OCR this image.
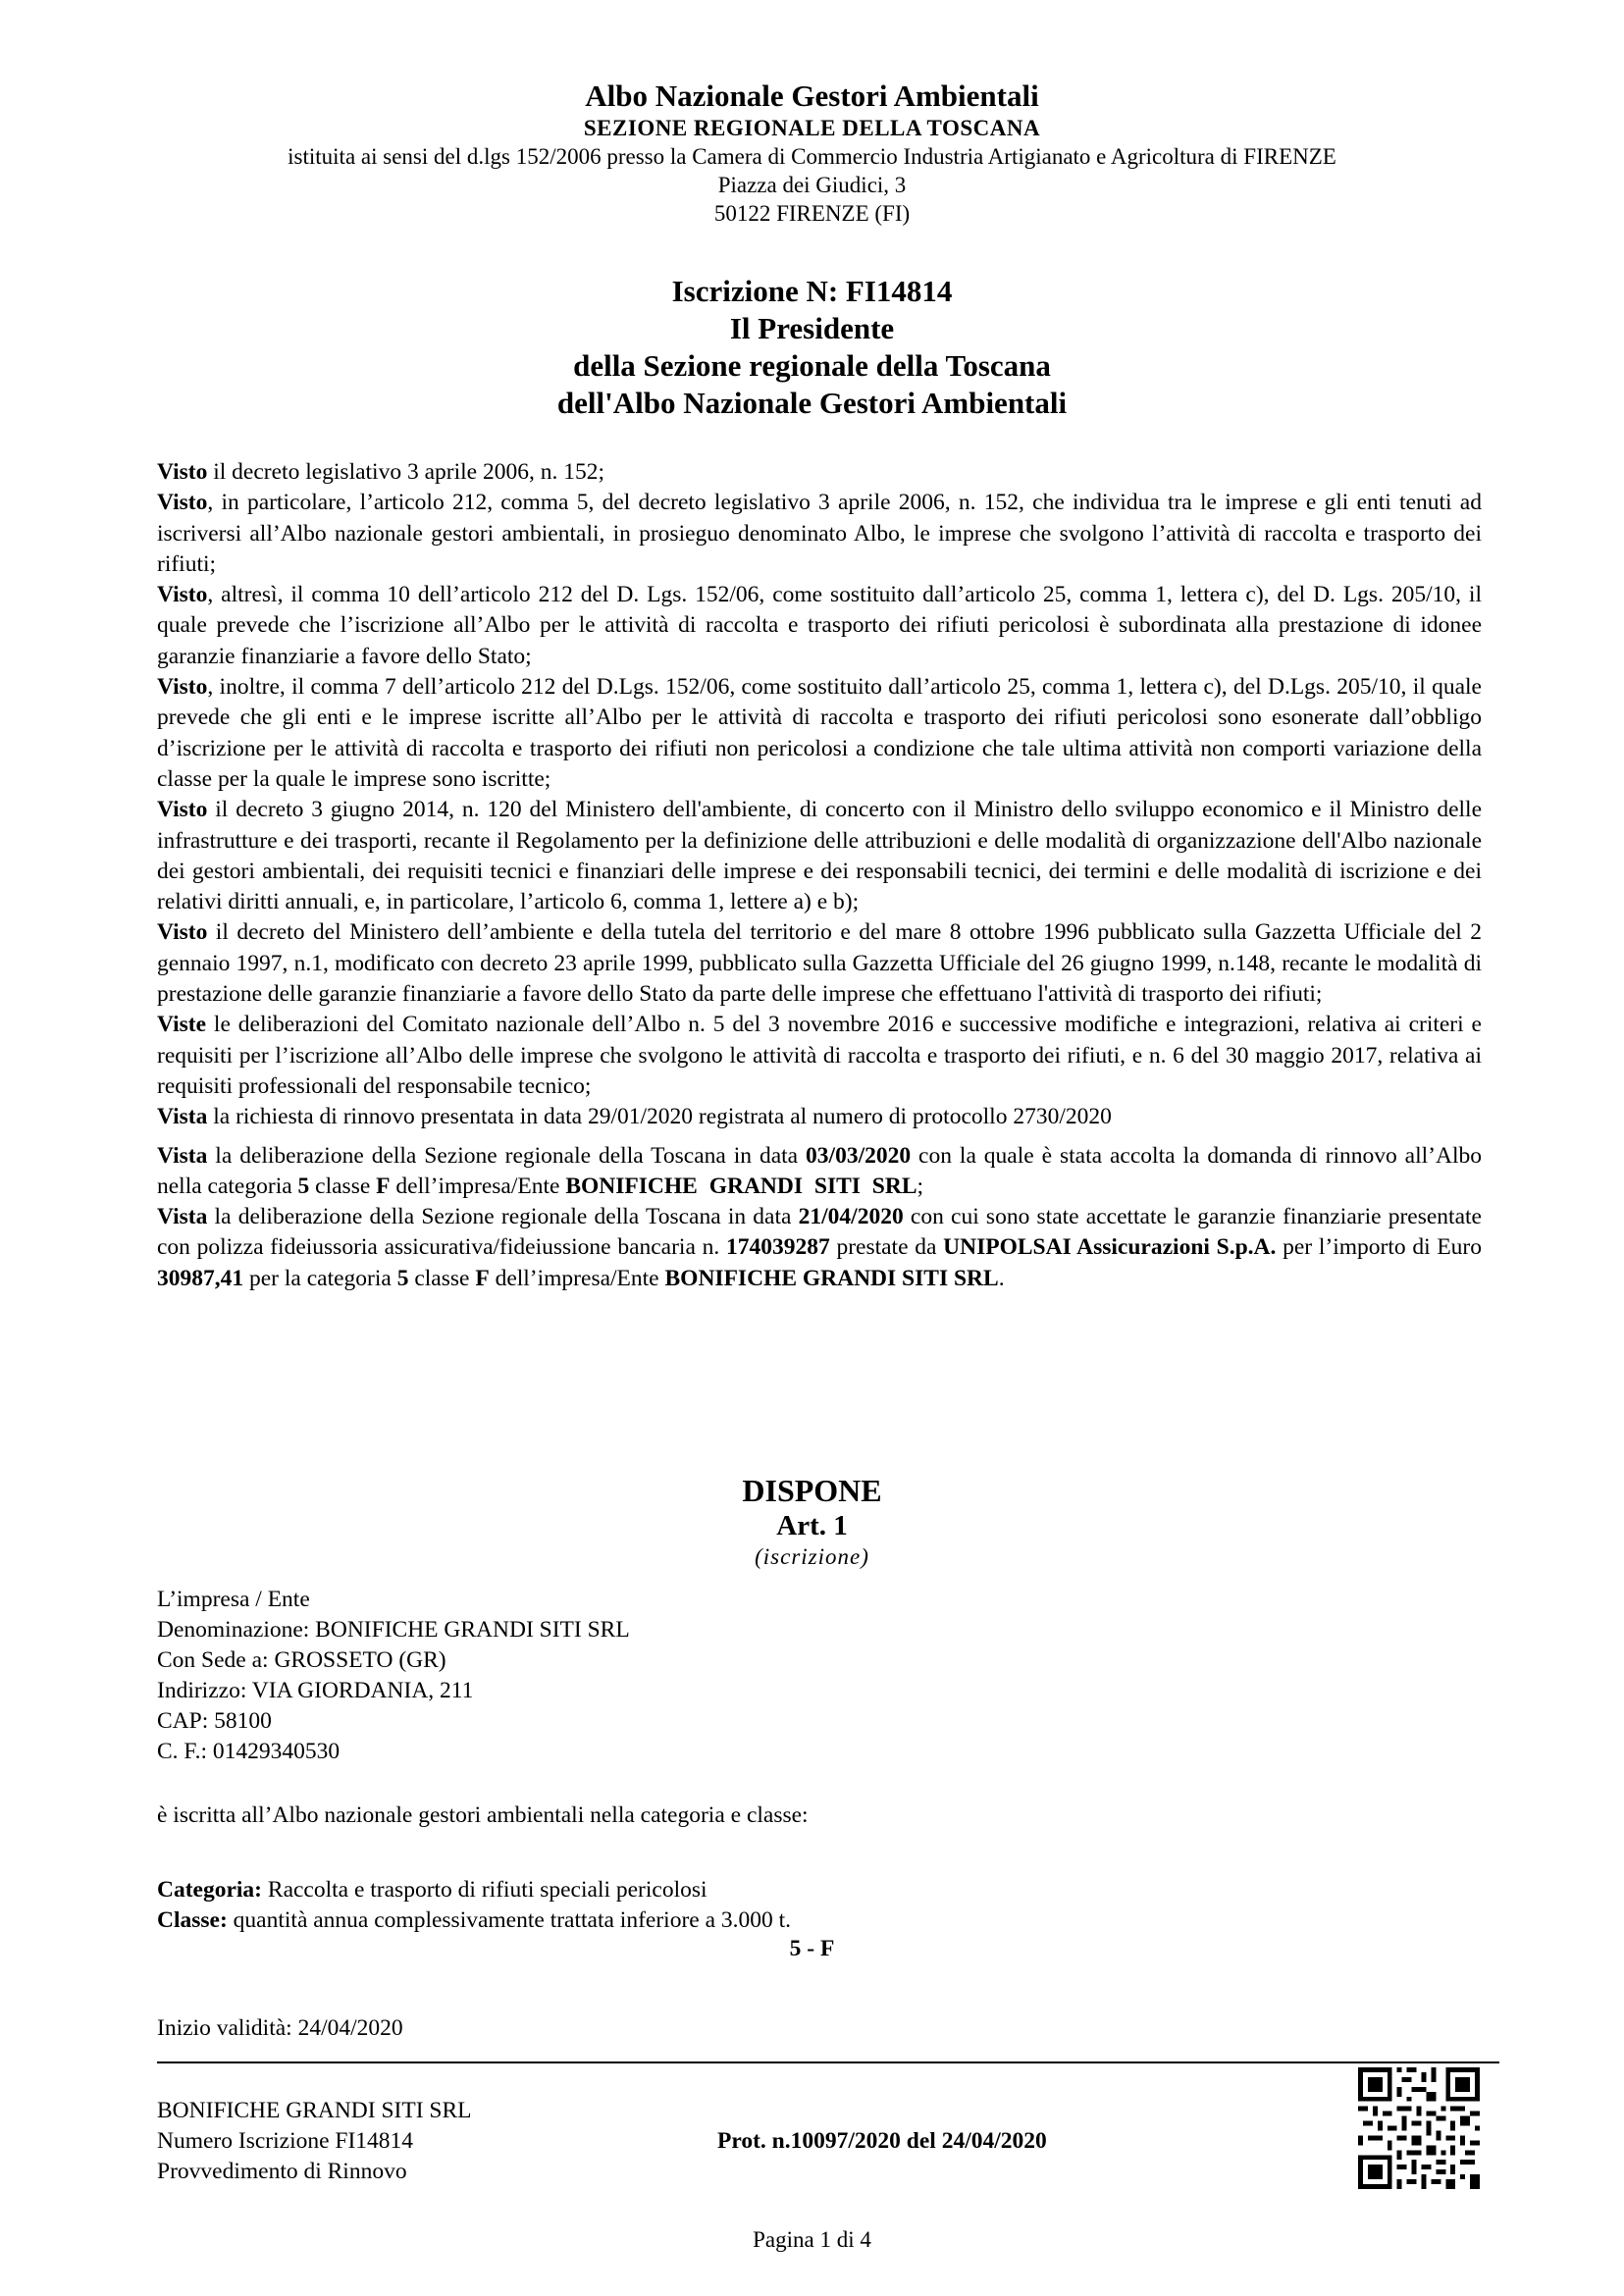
Albo Nazionale Gestori Ambientali
SEZIONE REGIONALE DELLA TOSCANA
istituita ai sensi del d.lgs 152/2006 presso la Camera di Commercio Industria Artigianato e Agricoltura di FIRENZE
Piazza dei Giudici, 3
50122 FIRENZE (FI)
Iscrizione N: FI14814
Il Presidente
della Sezione regionale della Toscana
dell'Albo Nazionale Gestori Ambientali

Visto il decreto legislativo 3 aprile 2006, n. 152;

Visto, in particolare, l’articolo 212, comma 5, del decreto legislativo 3 aprile 2006, n. 152, che individua tra le imprese e gli enti tenuti ad iscriversi all’Albo nazionale gestori ambientali, in prosieguo denominato Albo, le imprese che svolgono l’attività di raccolta e trasporto dei rifiuti;

Visto, altresì, il comma 10 dell’articolo 212 del D. Lgs. 152/06, come sostituito dall’articolo 25, comma 1, lettera c), del D. Lgs. 205/10, il quale prevede che l’iscrizione all’Albo per le attività di raccolta e trasporto dei rifiuti pericolosi è subordinata alla prestazione di idonee garanzie finanziarie a favore dello Stato;

Visto, inoltre, il comma 7 dell’articolo 212 del D.Lgs. 152/06, come sostituito dall’articolo 25, comma 1, lettera c), del D.Lgs. 205/10, il quale prevede che gli enti e le imprese iscritte all’Albo per le attività di raccolta e trasporto dei rifiuti pericolosi sono esonerate dall’obbligo d’iscrizione per le attività di raccolta e trasporto dei rifiuti non pericolosi a condizione che tale ultima attività non comporti variazione della classe per la quale le imprese sono iscritte;

Visto il decreto 3 giugno 2014, n. 120 del Ministero dell'ambiente, di concerto con il Ministro dello sviluppo economico e il Ministro delle infrastrutture e dei trasporti, recante il Regolamento per la definizione delle attribuzioni e delle modalità di organizzazione dell'Albo nazionale dei gestori ambientali, dei requisiti tecnici e finanziari delle imprese e dei responsabili tecnici, dei termini e delle modalità di iscrizione e dei relativi diritti annuali, e, in particolare, l’articolo 6, comma 1, lettere a) e b);

Visto il decreto del Ministero dell’ambiente e della tutela del territorio e del mare 8 ottobre 1996 pubblicato sulla Gazzetta Ufficiale del 2 gennaio 1997, n.1, modificato con decreto 23 aprile 1999, pubblicato sulla Gazzetta Ufficiale del 26 giugno 1999, n.148, recante le modalità di prestazione delle garanzie finanziarie a favore dello Stato da parte delle imprese che effettuano l'attività di trasporto dei rifiuti;

Viste le deliberazioni del Comitato nazionale dell’Albo n. 5 del 3 novembre 2016 e successive modifiche e integrazioni, relativa ai criteri e requisiti per l’iscrizione all’Albo delle imprese che svolgono le attività di raccolta e trasporto dei rifiuti, e n. 6 del 30 maggio 2017, relativa ai requisiti professionali del responsabile tecnico;

Vista la richiesta di rinnovo presentata in data 29/01/2020 registrata al numero di protocollo 2730/2020

Vista la deliberazione della Sezione regionale della Toscana in data 03/03/2020 con la quale è stata accolta la domanda di rinnovo all’Albo nella categoria 5 classe F dell’impresa/Ente BONIFICHE GRANDI SITI SRL;

Vista la deliberazione della Sezione regionale della Toscana in data 21/04/2020 con cui sono state accettate le garanzie finanziarie presentate con polizza fideiussoria assicurativa/fideiussione bancaria n. 174039287 prestate da UNIPOLSAI Assicurazioni S.p.A. per l’importo di Euro 30987,41 per la categoria 5 classe F dell’impresa/Ente BONIFICHE GRANDI SITI SRL.

DISPONE
Art. 1
(iscrizione)
L’impresa / Ente
Denominazione: BONIFICHE GRANDI SITI SRL
Con Sede a: GROSSETO (GR)
Indirizzo: VIA GIORDANIA, 211
CAP: 58100
C. F.: 01429340530
è iscritta all’Albo nazionale gestori ambientali nella categoria e classe:
Categoria: Raccolta e trasporto di rifiuti speciali pericolosi
Classe: quantità annua complessivamente trattata inferiore a 3.000 t.
5 - F
Inizio validità: 24/04/2020
BONIFICHE GRANDI SITI SRL
Numero Iscrizione FI14814
Provvedimento di Rinnovo
Prot. n.10097/2020 del 24/04/2020
Pagina 1 di 4
